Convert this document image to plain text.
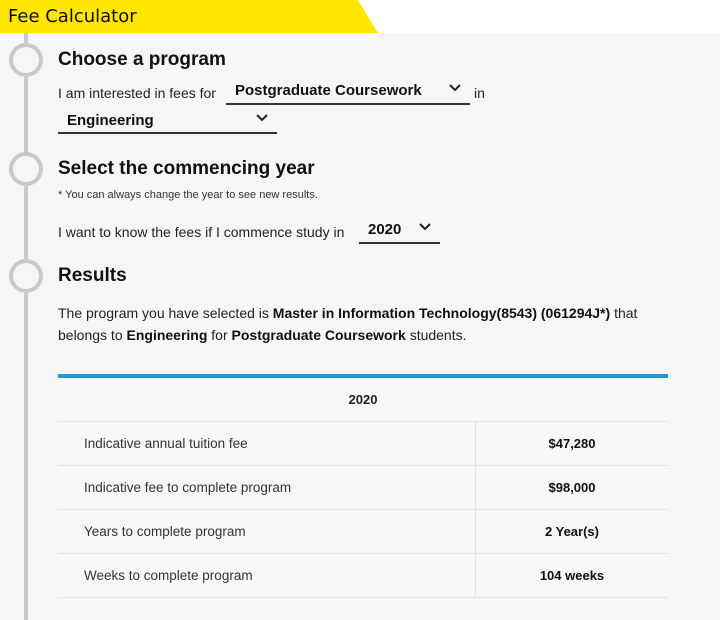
Fee Calculator
Choose a program
I am interested in fees for Postgraduate Coursework	in
Engineering
Select the commencing year
* You can always change the year to see new results.
I want to know the fees if I commence study in 2020
Results
The program you have selected is Master in Information Technology(8543) (061294J*) that belongs to Engineering for Postgraduate Coursework students.
2020
Indicative annual tuition fee	$47,280
Indicative fee to complete program	$98,000
Years to complete program	2 Year(s)
Weeks to complete program	104 weeks
